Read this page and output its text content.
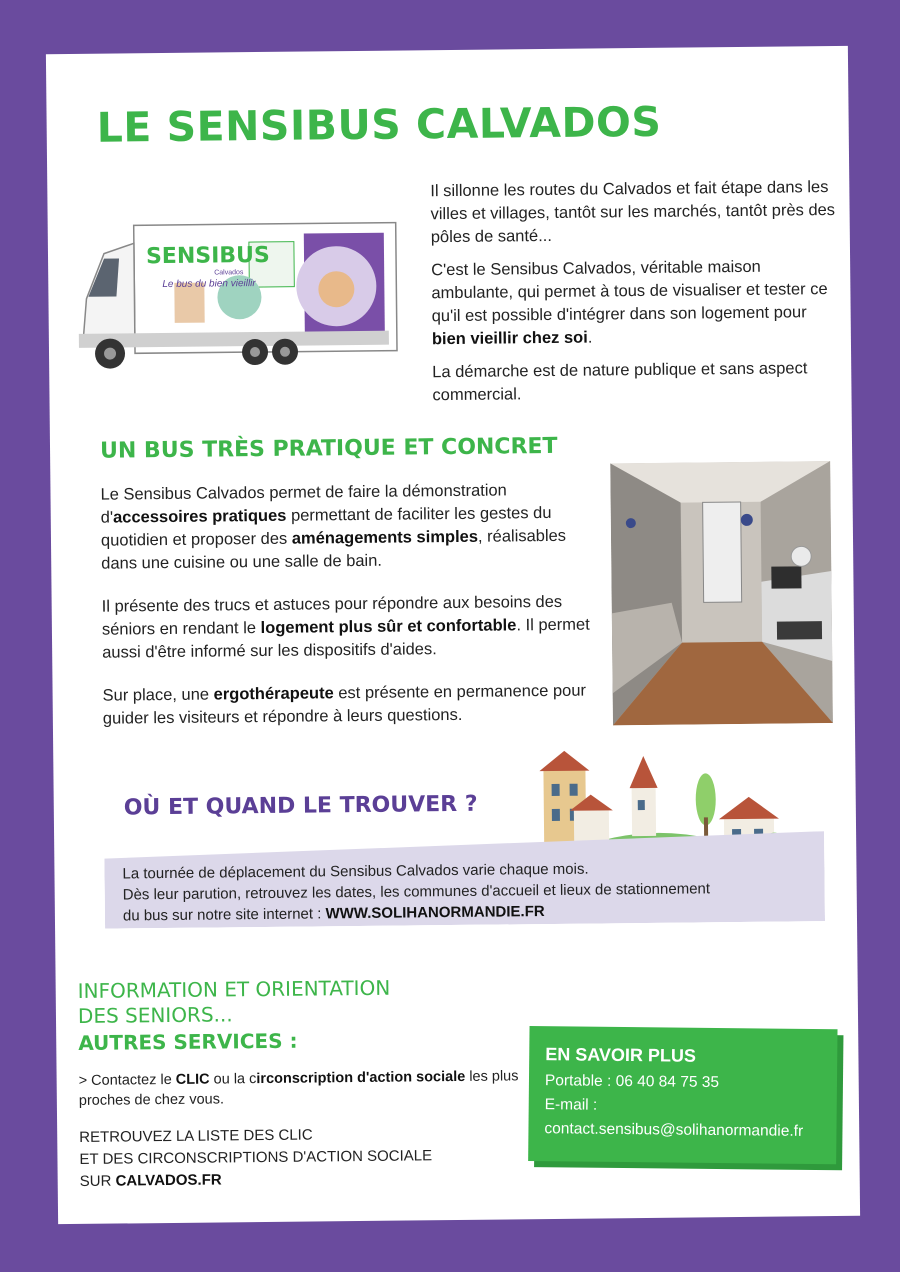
LE SENSIBUS CALVADOS
SENSIBUS
Calvados
Le bus du bien vieillir

Il sillonne les routes du Calvados et fait étape dans les villes et villages, tantôt sur les marchés, tantôt près des pôles de santé...

C'est le Sensibus Calvados, véritable maison ambulante, qui permet à tous de visualiser et tester ce qu'il est possible d'intégrer dans son logement pour bien vieillir chez soi.

La démarche est de nature publique et sans aspect commercial.

UN BUS TRÈS PRATIQUE ET CONCRET

Le Sensibus Calvados permet de faire la démonstration d'accessoires pratiques permettant de faciliter les gestes du quotidien et proposer des aménagements simples, réalisables dans une cuisine ou une salle de bain.

Il présente des trucs et astuces pour répondre aux besoins des séniors en rendant le logement plus sûr et confortable. Il permet aussi d'être informé sur les dispositifs d'aides.

Sur place, une ergothérapeute est présente en permanence pour guider les visiteurs et répondre à leurs questions.

OÙ ET QUAND LE TROUVER ?
La tournée de déplacement du Sensibus Calvados varie chaque mois.
Dès leur parution, retrouvez les dates, les communes d'accueil et lieux de stationnement
du bus sur notre site internet : WWW.SOLIHANORMANDIE.FR
INFORMATION ET ORIENTATION
DES SENIORS...
AUTRES SERVICES :
> Contactez le CLIC ou la circonscription d'action sociale les plus proches de chez vous.
RETROUVEZ LA LISTE DES CLIC
ET DES CIRCONSCRIPTIONS D'ACTION SOCIALE
SUR CALVADOS.FR
EN SAVOIR PLUS
Portable : 06 40 84 75 35
E-mail :
contact.sensibus@solihanormandie.fr
